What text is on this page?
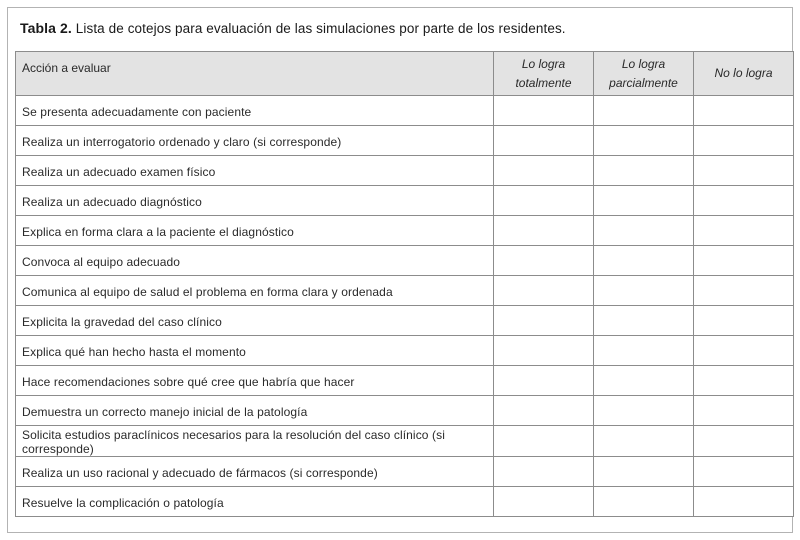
Tabla 2. Lista de cotejos para evaluación de las simulaciones por parte de los residentes.

Acción a evaluar	Lo logra totalmente	Lo logra parcialmente	No lo logra
Se presenta adecuadamente con paciente			
Realiza un interrogatorio ordenado y claro (si corresponde)			
Realiza un adecuado examen físico			
Realiza un adecuado diagnóstico			
Explica en forma clara a la paciente el diagnóstico			
Convoca al equipo adecuado			
Comunica al equipo de salud el problema en forma clara y ordenada			
Explicita la gravedad del caso clínico			
Explica qué han hecho hasta el momento			
Hace recomendaciones sobre qué cree que habría que hacer			
Demuestra un correcto manejo inicial de la patología			
Solicita estudios paraclínicos necesarios para la resolución del caso clínico (si corresponde)			
Realiza un uso racional y adecuado de fármacos (si corresponde)			
Resuelve la complicación o patología			
